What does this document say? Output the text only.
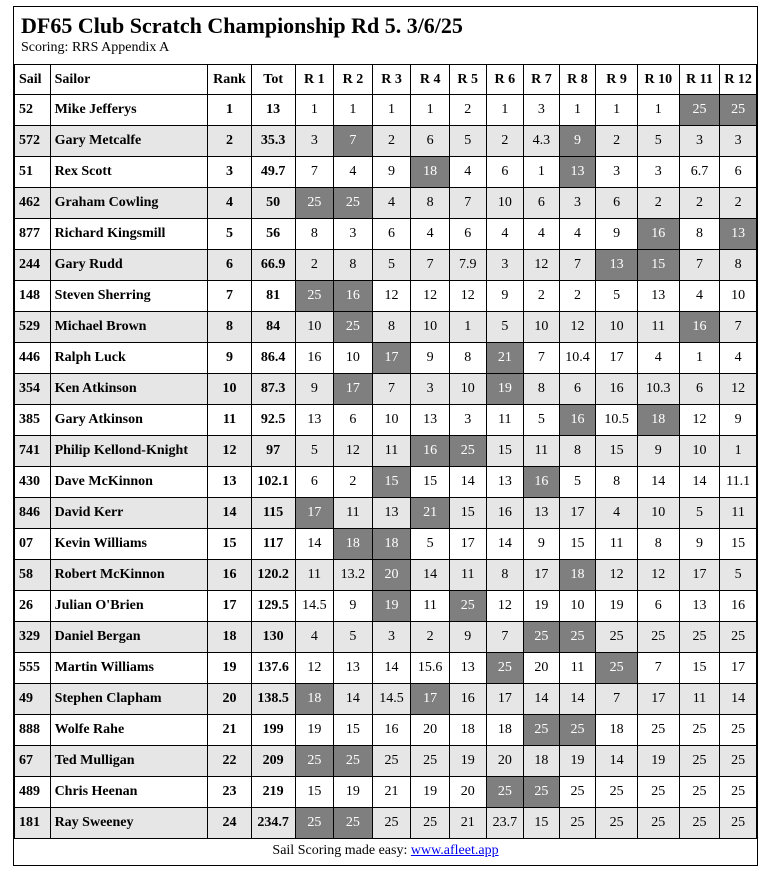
DF65 Club Scratch Championship Rd 5. 3/6/25
Scoring: RRS Appendix A
Sail	Sailor	Rank	Tot	R 1	R 2	R 3	R 4	R 5	R 6	R 7	R 8	R 9	R 10	R 11	R 12
52	Mike Jefferys	1	13	1	1	1	1	2	1	3	1	1	1	25	25
572	Gary Metcalfe	2	35.3	3	7	2	6	5	2	4.3	9	2	5	3	3
51	Rex Scott	3	49.7	7	4	9	18	4	6	1	13	3	3	6.7	6
462	Graham Cowling	4	50	25	25	4	8	7	10	6	3	6	2	2	2
877	Richard Kingsmill	5	56	8	3	6	4	6	4	4	4	9	16	8	13
244	Gary Rudd	6	66.9	2	8	5	7	7.9	3	12	7	13	15	7	8
148	Steven Sherring	7	81	25	16	12	12	12	9	2	2	5	13	4	10
529	Michael Brown	8	84	10	25	8	10	1	5	10	12	10	11	16	7
446	Ralph Luck	9	86.4	16	10	17	9	8	21	7	10.4	17	4	1	4
354	Ken Atkinson	10	87.3	9	17	7	3	10	19	8	6	16	10.3	6	12
385	Gary Atkinson	11	92.5	13	6	10	13	3	11	5	16	10.5	18	12	9
741	Philip Kellond-Knight	12	97	5	12	11	16	25	15	11	8	15	9	10	1
430	Dave McKinnon	13	102.1	6	2	15	15	14	13	16	5	8	14	14	11.1
846	David Kerr	14	115	17	11	13	21	15	16	13	17	4	10	5	11
07	Kevin Williams	15	117	14	18	18	5	17	14	9	15	11	8	9	15
58	Robert McKinnon	16	120.2	11	13.2	20	14	11	8	17	18	12	12	17	5
26	Julian O'Brien	17	129.5	14.5	9	19	11	25	12	19	10	19	6	13	16
329	Daniel Bergan	18	130	4	5	3	2	9	7	25	25	25	25	25	25
555	Martin Williams	19	137.6	12	13	14	15.6	13	25	20	11	25	7	15	17
49	Stephen Clapham	20	138.5	18	14	14.5	17	16	17	14	14	7	17	11	14
888	Wolfe Rahe	21	199	19	15	16	20	18	18	25	25	18	25	25	25
67	Ted Mulligan	22	209	25	25	25	25	19	20	18	19	14	19	25	25
489	Chris Heenan	23	219	15	19	21	19	20	25	25	25	25	25	25	25
181	Ray Sweeney	24	234.7	25	25	25	25	21	23.7	15	25	25	25	25	25
Sail Scoring made easy: www.afleet.app
